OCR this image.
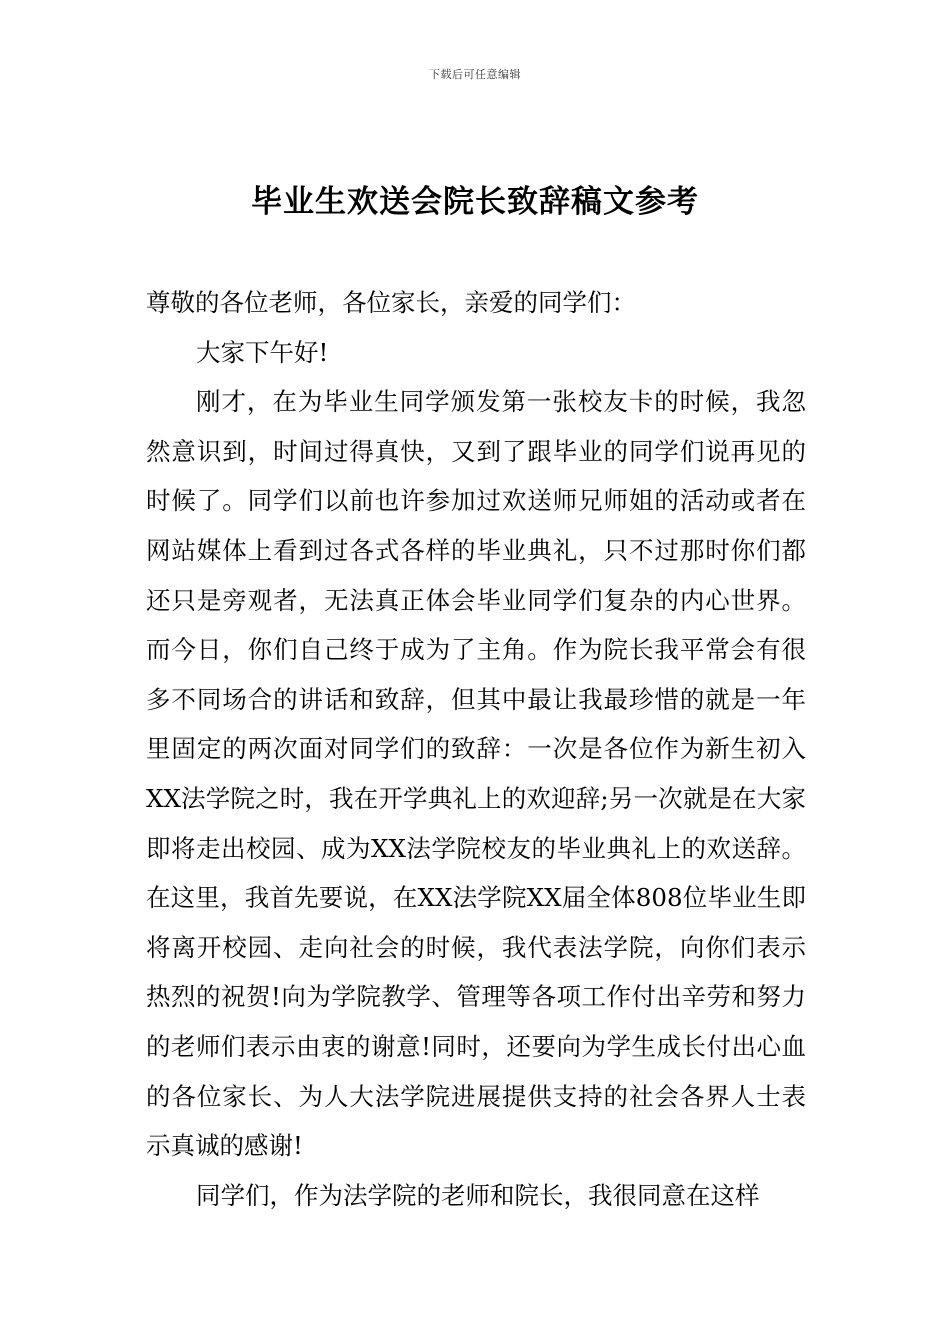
下载后可任意编辑
毕业生欢送会院长致辞稿文参考

尊敬的各位老师，各位家长，亲爱的同学们：

大家下午好!

刚才，在为毕业生同学颁发第一张校友卡的时候，我忽然意识到，时间过得真快，又到了跟毕业的同学们说再见的时候了。同学们以前也许参加过欢送师兄师姐的活动或者在网站媒体上看到过各式各样的毕业典礼，只不过那时你们都还只是旁观者，无法真正体会毕业同学们复杂的内心世界。而今日，你们自己终于成为了主角。作为院长我平常会有很多不同场合的讲话和致辞，但其中最让我最珍惜的就是一年里固定的两次面对同学们的致辞：一次是各位作为新生初入XX法学院之时，我在开学典礼上的欢迎辞;另一次就是在大家即将走出校园、成为XX法学院校友的毕业典礼上的欢送辞。在这里，我首先要说，在XX法学院XX届全体808位毕业生即将离开校园、走向社会的时候，我代表法学院，向你们表示热烈的祝贺!向为学院教学、管理等各项工作付出辛劳和努力的老师们表示由衷的谢意!同时，还要向为学生成长付出心血的各位家长、为人大法学院进展提供支持的社会各界人士表示真诚的感谢!

同学们，作为法学院的老师和院长，我很同意在这样
